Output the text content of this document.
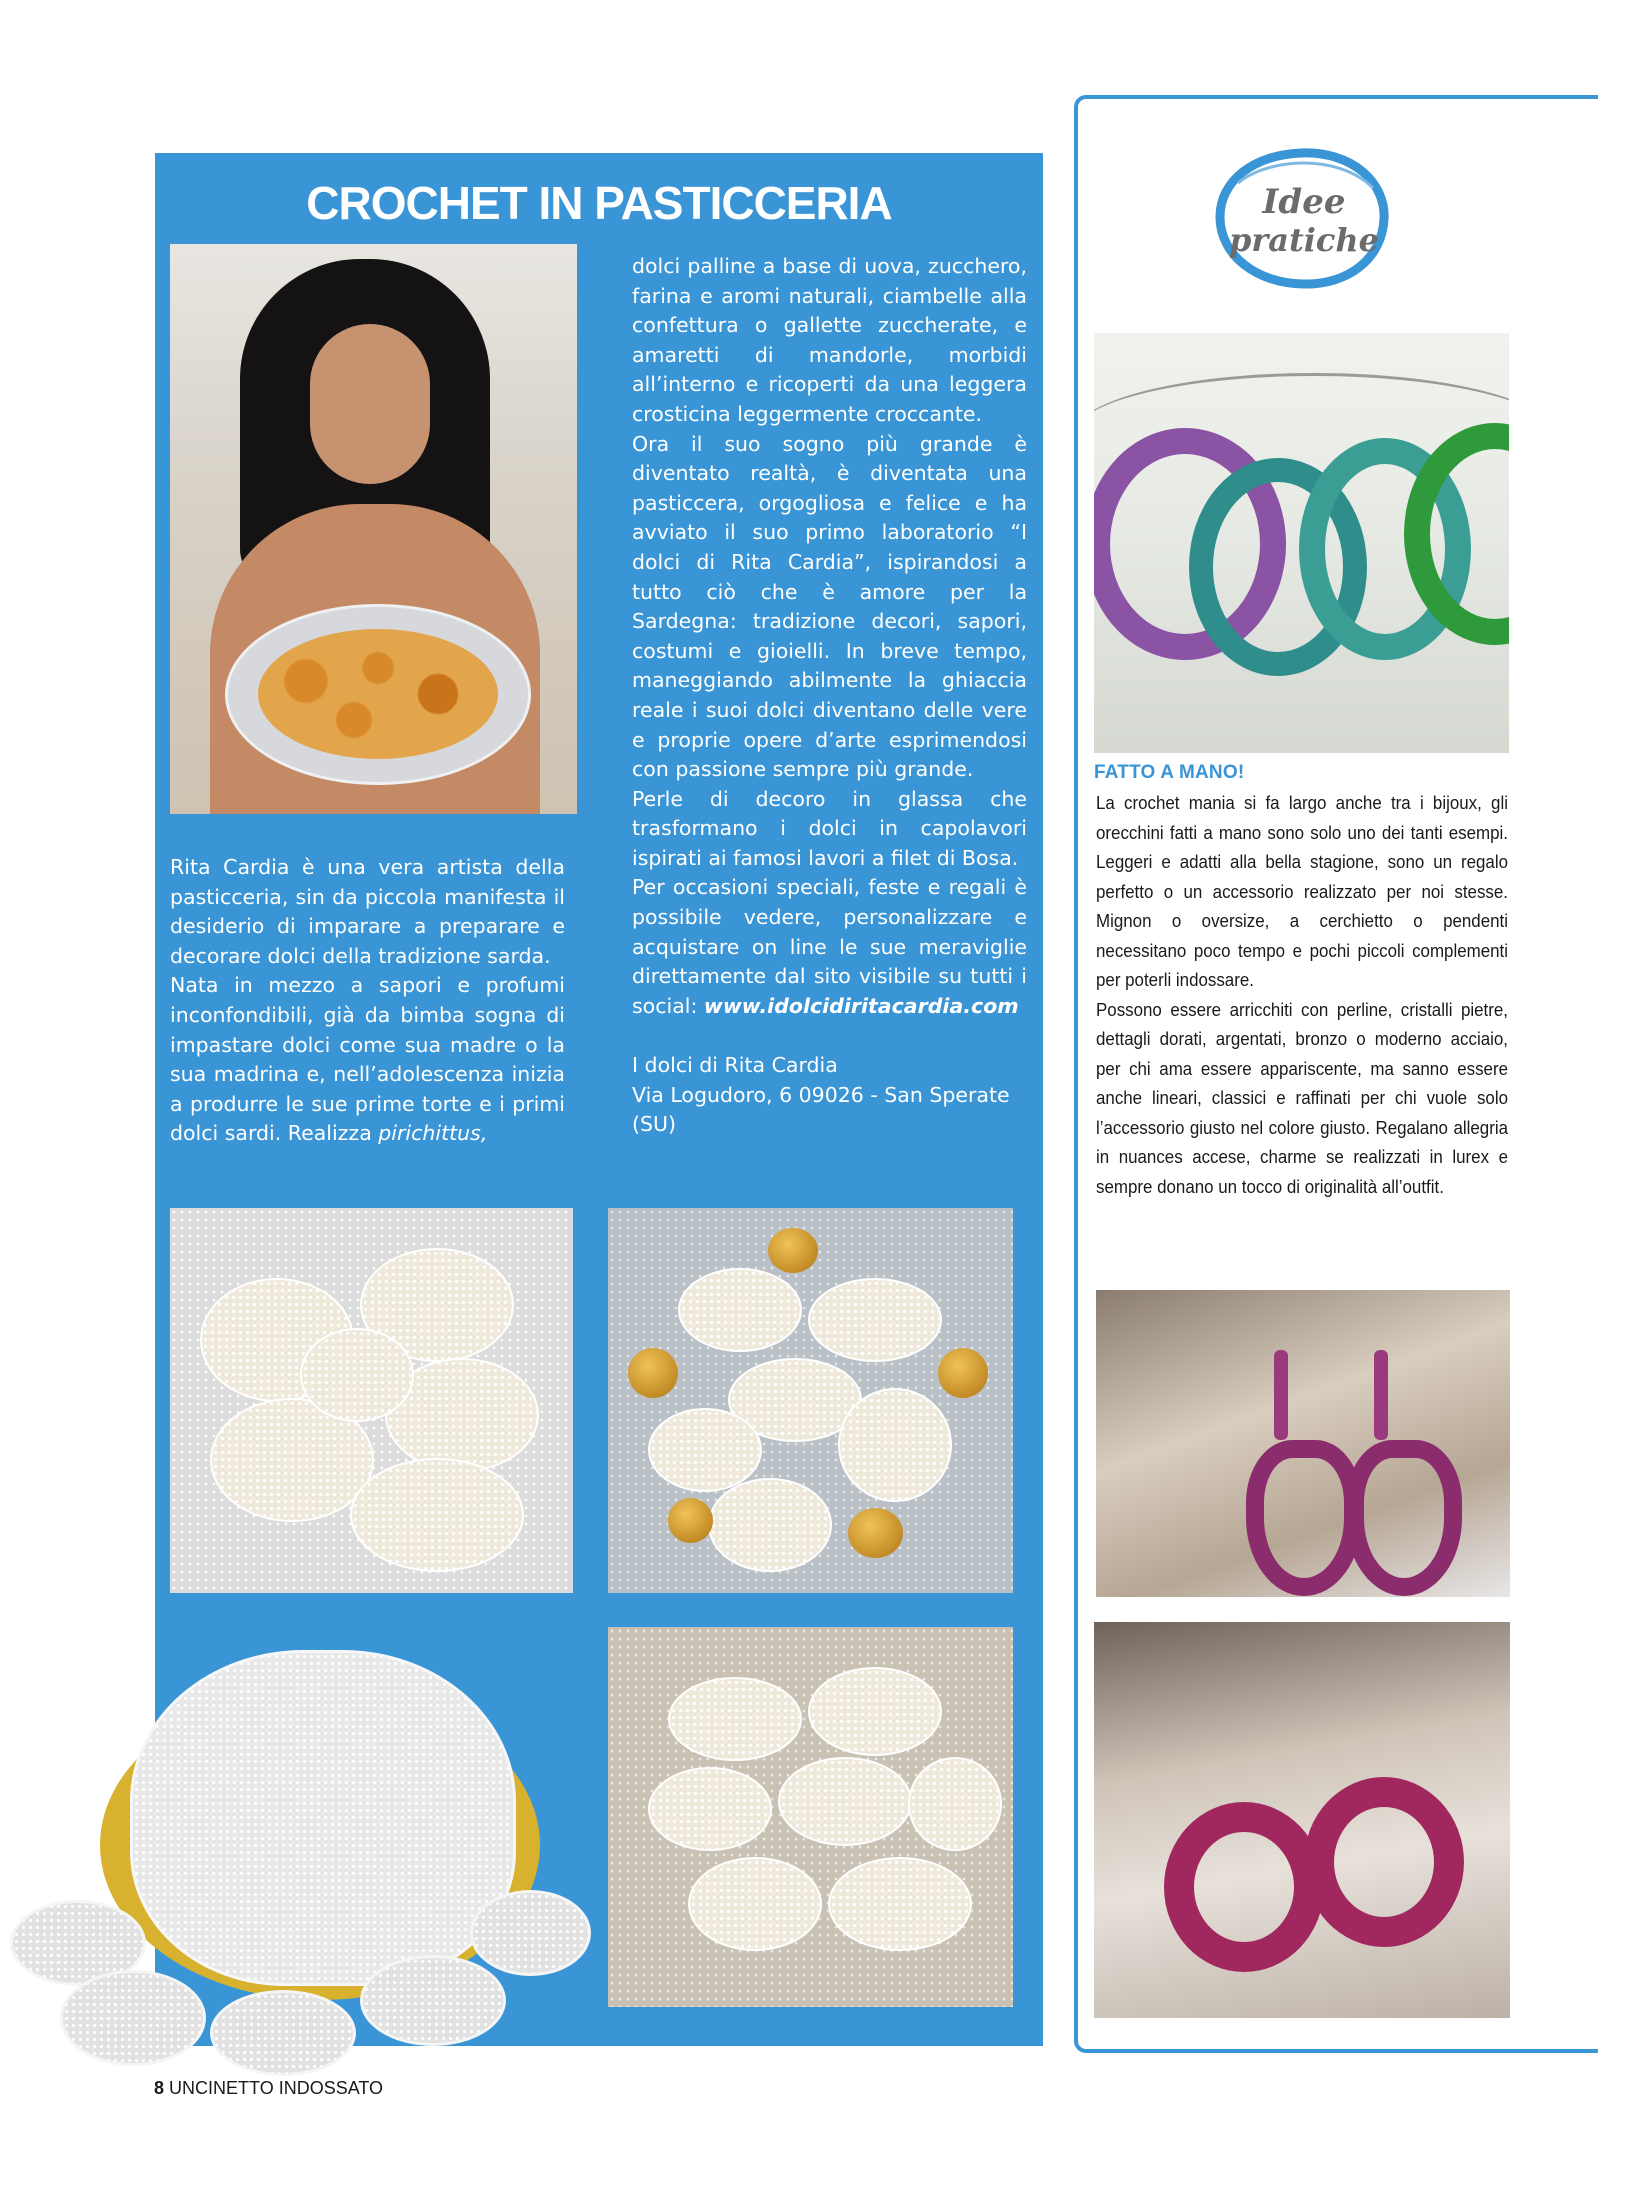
CROCHET IN PASTICCERIA

Rita Cardia è una vera artista della pasticceria, sin da piccola manifesta il desiderio di imparare a preparare e decorare dolci della tradizione sarda.

Nata in mezzo a sapori e profumi inconfondibili, già da bimba sogna di impastare dolci come sua madre o la sua madrina e, nell’adolescenza inizia a produrre le sue prime torte e i primi dolci sardi. Realizza pirichittus,

dolci palline a base di uova, zucchero, farina e aromi naturali, ciambelle alla confettura o gallette zuccherate, e amaretti di mandorle, morbidi all’interno e ricoperti da una leggera crosticina leggermente croccante.

Ora il suo sogno più grande è diventato realtà, è diventata una pasticcera, orgogliosa e felice e ha avviato il suo primo laboratorio “I dolci di Rita Cardia”, ispirandosi a tutto ciò che è amore per la Sardegna: tradizione decori, sapori, costumi e gioielli. In breve tempo, maneggiando abilmente la ghiaccia reale i suoi dolci diventano delle vere e proprie opere d’arte esprimendosi con passione sempre più grande.

Perle di decoro in glassa che trasformano i dolci in capolavori ispirati ai famosi lavori a filet di Bosa.

Per occasioni speciali, feste e regali è possibile vedere, personalizzare e acquistare on line le sue meraviglie direttamente dal sito visibile su tutti i social: www.idolcidiritacardia.com

I dolci di Rita Cardia

Via Logudoro, 6 09026 - San Sperate

(SU)

Idee
pratiche
FATTO A MANO!

La crochet mania si fa largo anche tra i bijoux, gli orecchini fatti a mano sono solo uno dei tanti esempi. Leggeri e adatti alla bella stagione, sono un regalo perfetto o un accessorio realizzato per noi stesse. Mignon o oversize, a cerchietto o pendenti necessitano poco tempo e pochi piccoli complementi per poterli indossare.

Possono essere arricchiti con perline, cristalli pietre, dettagli dorati, argentati, bronzo o moderno acciaio, per chi ama essere appariscente, ma sanno essere anche lineari, classici e raffinati per chi vuole solo l’accessorio giusto nel colore giusto. Regalano allegria in nuances accese, charme se realizzati in lurex e sempre donano un tocco di originalità all’outfit.

8 UNCINETTO INDOSSATO
